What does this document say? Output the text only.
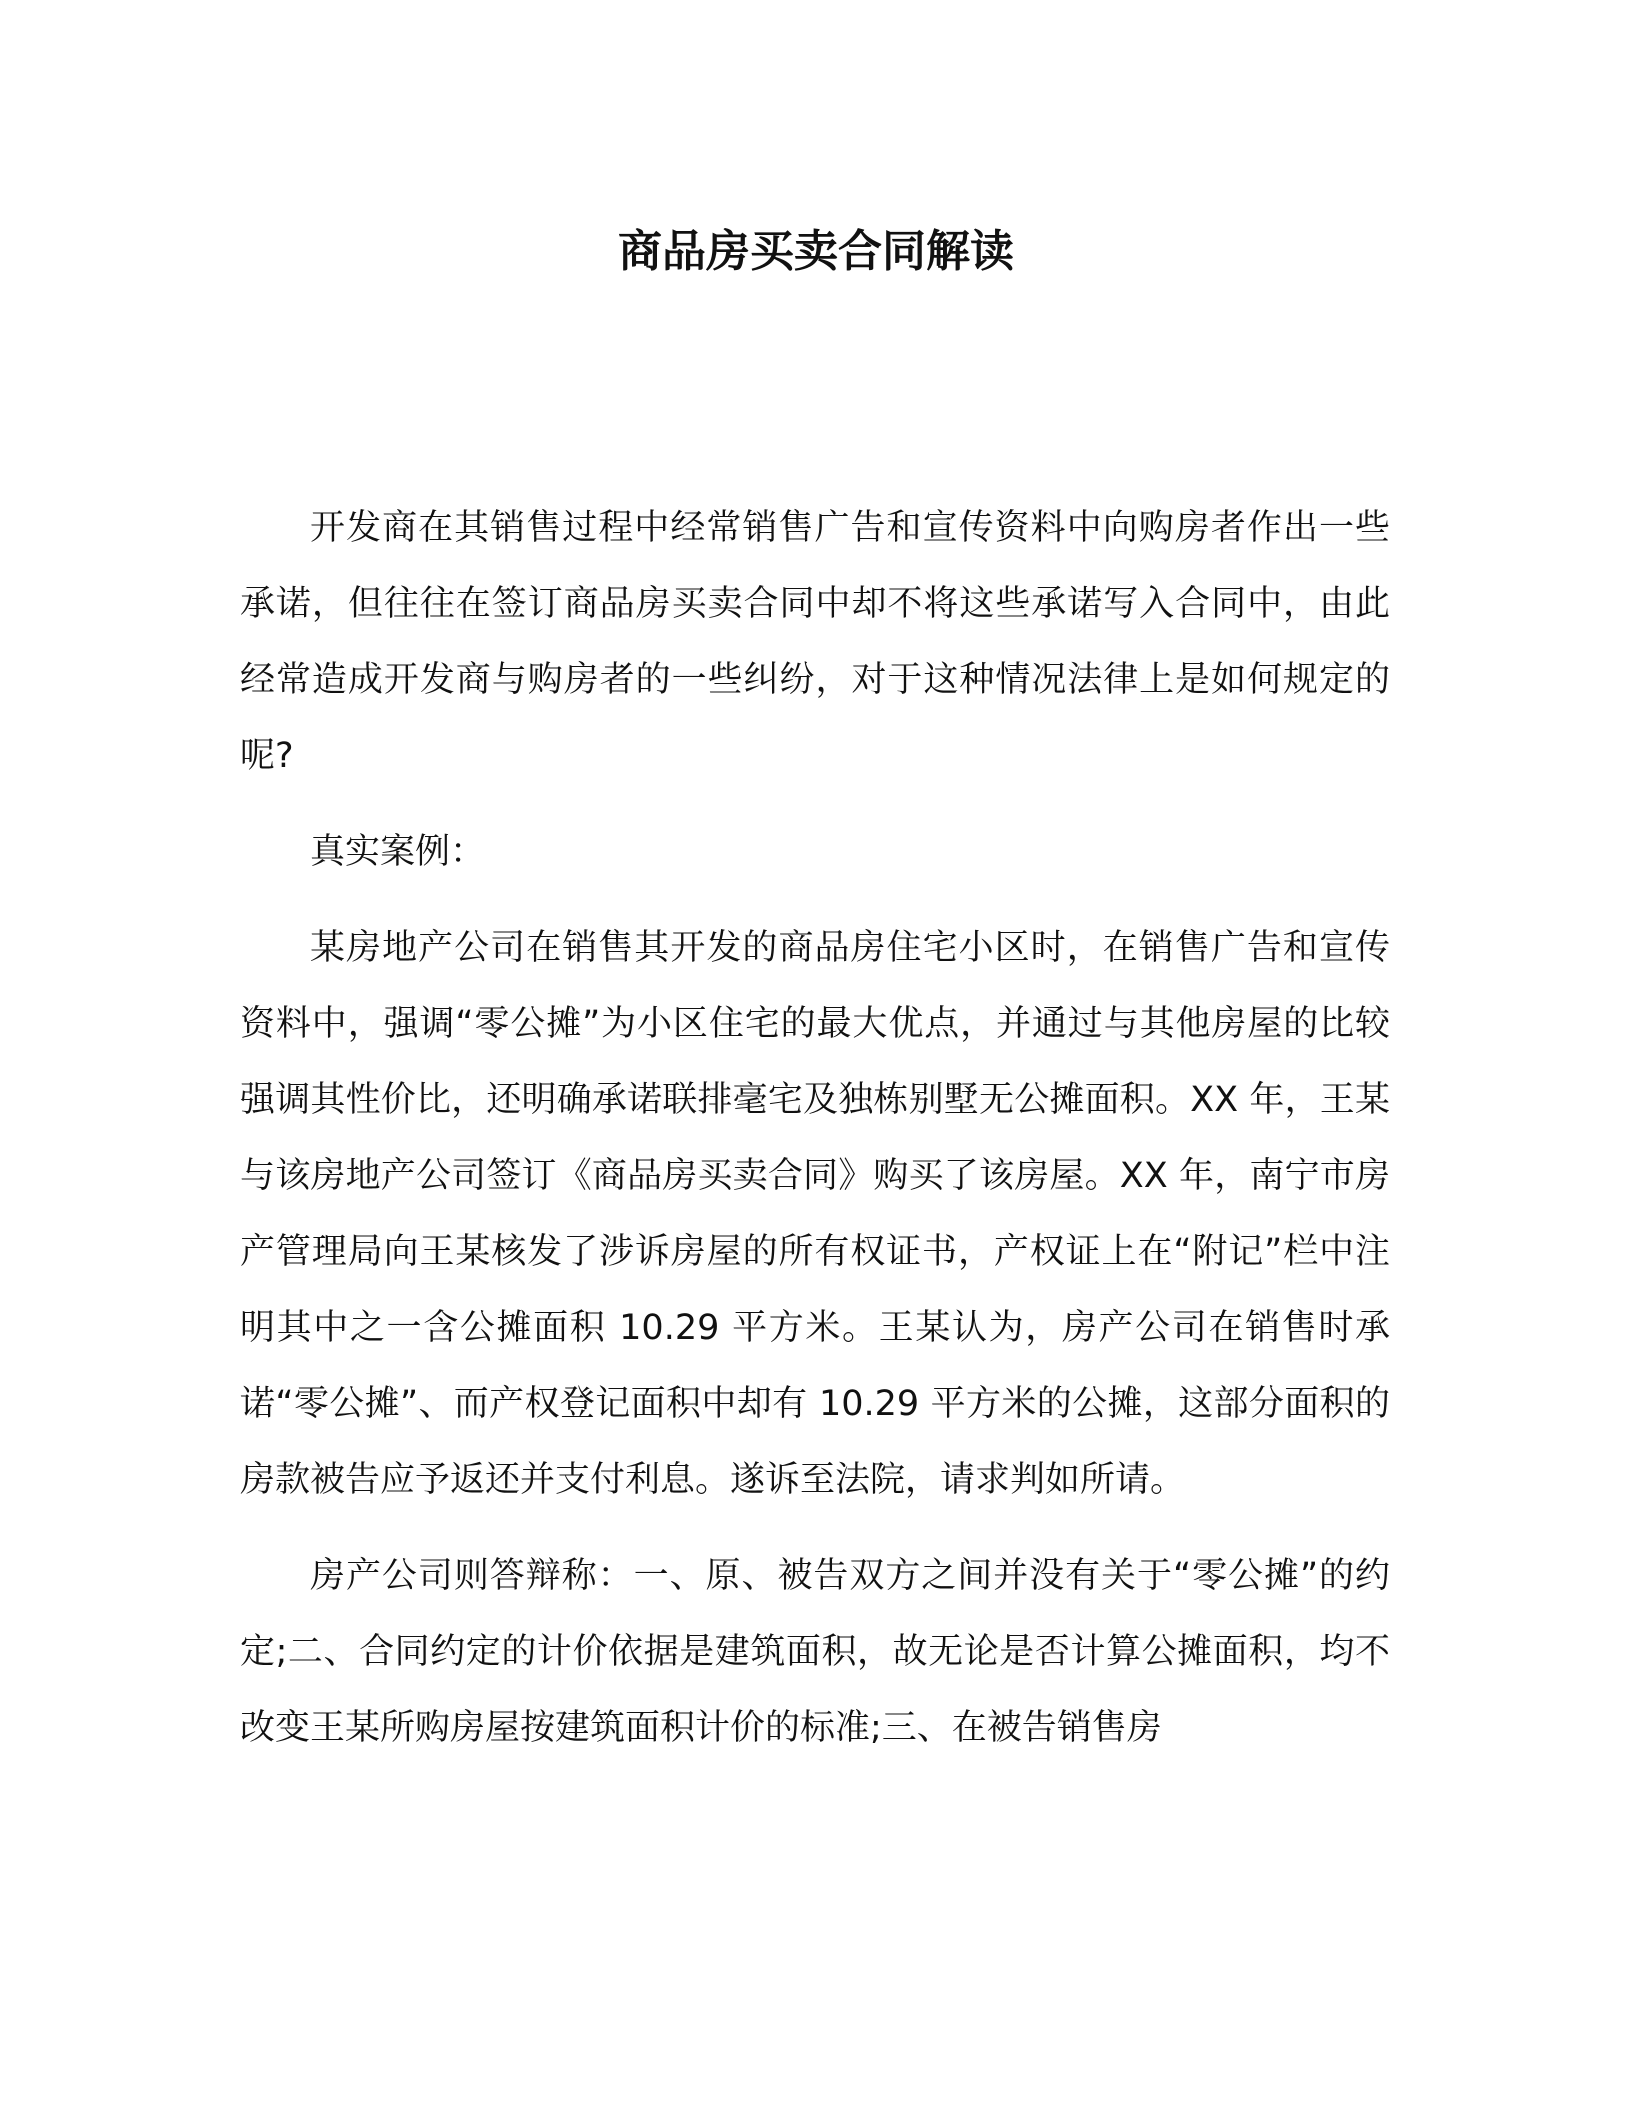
商品房买卖合同解读

开发商在其销售过程中经常销售广告和宣传资料中向购房者作出一些承诺，但往往在签订商品房买卖合同中却不将这些承诺写入合同中，由此经常造成开发商与购房者的一些纠纷，对于这种情况法律上是如何规定的呢?

真实案例：

某房地产公司在销售其开发的商品房住宅小区时，在销售广告和宣传资料中，强调“零公摊”为小区住宅的最大优点，并通过与其他房屋的比较强调其性价比，还明确承诺联排毫宅及独栋别墅无公摊面积。XX 年，王某与该房地产公司签订《商品房买卖合同》购买了该房屋。XX 年，南宁市房产管理局向王某核发了涉诉房屋的所有权证书，产权证上在“附记”栏中注明其中之一含公摊面积 10.29 平方米。王某认为，房产公司在销售时承诺“零公摊”、而产权登记面积中却有 10.29 平方米的公摊，这部分面积的房款被告应予返还并支付利息。遂诉至法院，请求判如所请。

房产公司则答辩称：一、原、被告双方之间并没有关于“零公摊”的约定;二、合同约定的计价依据是建筑面积，故无论是否计算公摊面积，均不改变王某所购房屋按建筑面积计价的标准;三、在被告销售房
